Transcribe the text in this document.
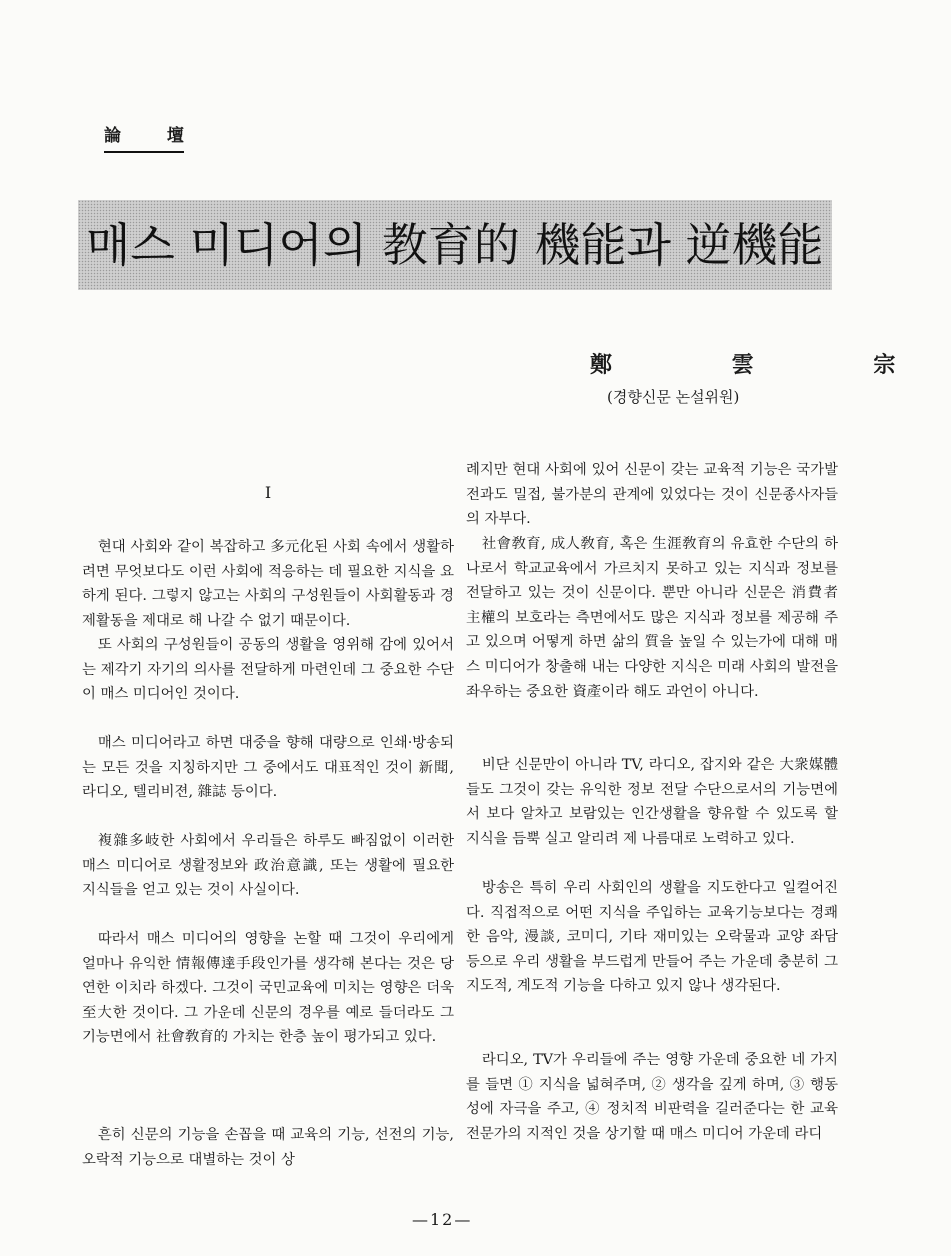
論 壇
매스 미디어의 教育的 機能과 逆機能
鄭 雲 宗
(경향신문 논설위원)
I

현대 사회와 같이 복잡하고 多元化된 사회 속에서 생활하려면 무엇보다도 이런 사회에 적응하는 데 필요한 지식을 요하게 된다. 그렇지 않고는 사회의 구성원들이 사회활동과 경제활동을 제대로 해 나갈 수 없기 때문이다.

또 사회의 구성원들이 공동의 생활을 영위해 감에 있어서는 제각기 자기의 의사를 전달하게 마련인데 그 중요한 수단이 매스 미디어인 것이다.

매스 미디어라고 하면 대중을 향해 대량으로 인쇄·방송되는 모든 것을 지칭하지만 그 중에서도 대표적인 것이 新聞, 라디오, 텔리비젼, 雜誌 등이다.

複雜多岐한 사회에서 우리들은 하루도 빠짐없이 이러한 매스 미디어로 생활정보와 政治意識, 또는 생활에 필요한 지식들을 얻고 있는 것이 사실이다.

따라서 매스 미디어의 영향을 논할 때 그것이 우리에게 얼마나 유익한 情報傳達手段인가를 생각해 본다는 것은 당연한 이치라 하겠다. 그것이 국민교육에 미치는 영향은 더욱 至大한 것이다. 그 가운데 신문의 경우를 예로 들더라도 그 기능면에서 社會敎育的 가치는 한층 높이 평가되고 있다.

흔히 신문의 기능을 손꼽을 때 교육의 기능, 선전의 기능, 오락적 기능으로 대별하는 것이 상

례지만 현대 사회에 있어 신문이 갖는 교육적 기능은 국가발전과도 밀접, 불가분의 관계에 있었다는 것이 신문종사자들의 자부다.

社會敎育, 成人敎育, 혹은 生涯敎育의 유효한 수단의 하나로서 학교교육에서 가르치지 못하고 있는 지식과 정보를 전달하고 있는 것이 신문이다. 뿐만 아니라 신문은 消費者 主權의 보호라는 측면에서도 많은 지식과 정보를 제공해 주고 있으며 어떻게 하면 삶의 質을 높일 수 있는가에 대해 매스 미디어가 창출해 내는 다양한 지식은 미래 사회의 발전을 좌우하는 중요한 資產이라 해도 과언이 아니다.

비단 신문만이 아니라 TV, 라디오, 잡지와 같은 大衆媒體들도 그것이 갖는 유익한 정보 전달 수단으로서의 기능면에서 보다 알차고 보람있는 인간생활을 향유할 수 있도록 할 지식을 듬뿍 실고 알리려 제 나름대로 노력하고 있다.

방송은 특히 우리 사회인의 생활을 지도한다고 일컬어진다. 직접적으로 어떤 지식을 주입하는 교육기능보다는 경쾌한 음악, 漫談, 코미디, 기타 재미있는 오락물과 교양 좌담 등으로 우리 생활을 부드럽게 만들어 주는 가운데 충분히 그 지도적, 계도적 기능을 다하고 있지 않나 생각된다.

라디오, TV가 우리들에 주는 영향 가운데 중요한 네 가지를 들면 ① 지식을 넓혀주며, ② 생각을 깊게 하며, ③ 행동성에 자극을 주고, ④ 정치적 비판력을 길러준다는 한 교육전문가의 지적인 것을 상기할 때 매스 미디어 가운데 라디

—12—
